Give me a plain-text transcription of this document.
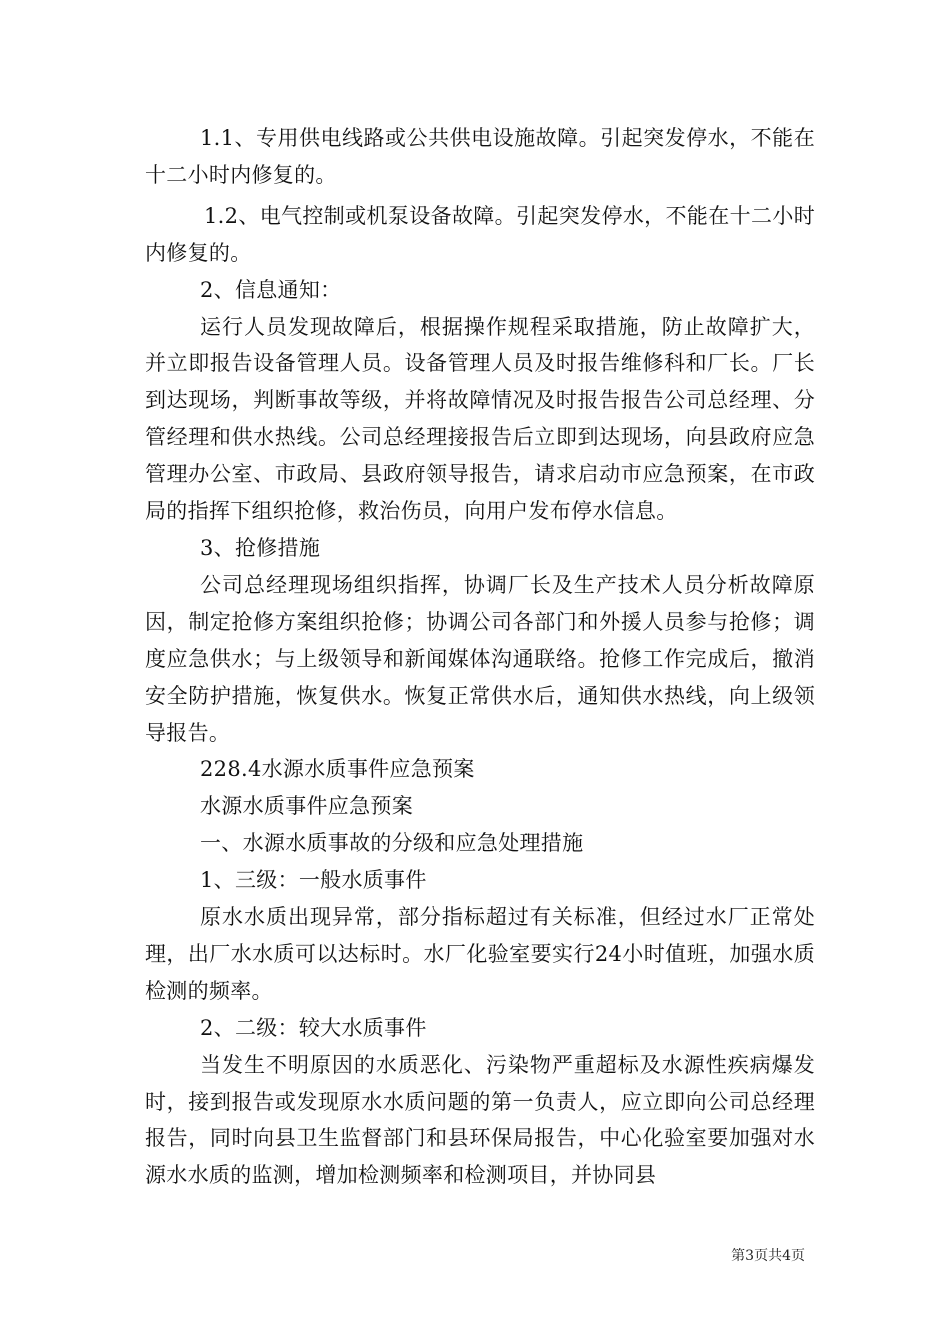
1.1、专用供电线路或公共供电设施故障。引起突发停水，不能在十二小时内修复的。

1.2、电气控制或机泵设备故障。引起突发停水，不能在十二小时内修复的。

2、信息通知：

运行人员发现故障后，根据操作规程采取措施，防止故障扩大，并立即报告设备管理人员。设备管理人员及时报告维修科和厂长。厂长到达现场，判断事故等级，并将故障情况及时报告报告公司总经理、分管经理和供水热线。公司总经理接报告后立即到达现场，向县政府应急管理办公室、市政局、县政府领导报告，请求启动市应急预案，在市政局的指挥下组织抢修，救治伤员，向用户发布停水信息。

3、抢修措施

公司总经理现场组织指挥，协调厂长及生产技术人员分析故障原因，制定抢修方案组织抢修；协调公司各部门和外援人员参与抢修；调度应急供水；与上级领导和新闻媒体沟通联络。抢修工作完成后，撤消安全防护措施，恢复供水。恢复正常供水后，通知供水热线，向上级领导报告。

228.4水源水质事件应急预案

水源水质事件应急预案

一、水源水质事故的分级和应急处理措施

1、三级：一般水质事件

原水水质出现异常，部分指标超过有关标准，但经过水厂正常处理，出厂水水质可以达标时。水厂化验室要实行24小时值班，加强水质检测的频率。

2、二级：较大水质事件

当发生不明原因的水质恶化、污染物严重超标及水源性疾病爆发时，接到报告或发现原水水质问题的第一负责人，应立即向公司总经理报告，同时向县卫生监督部门和县环保局报告，中心化验室要加强对水源水水质的监测，增加检测频率和检测项目，并协同县

第3页共4页
